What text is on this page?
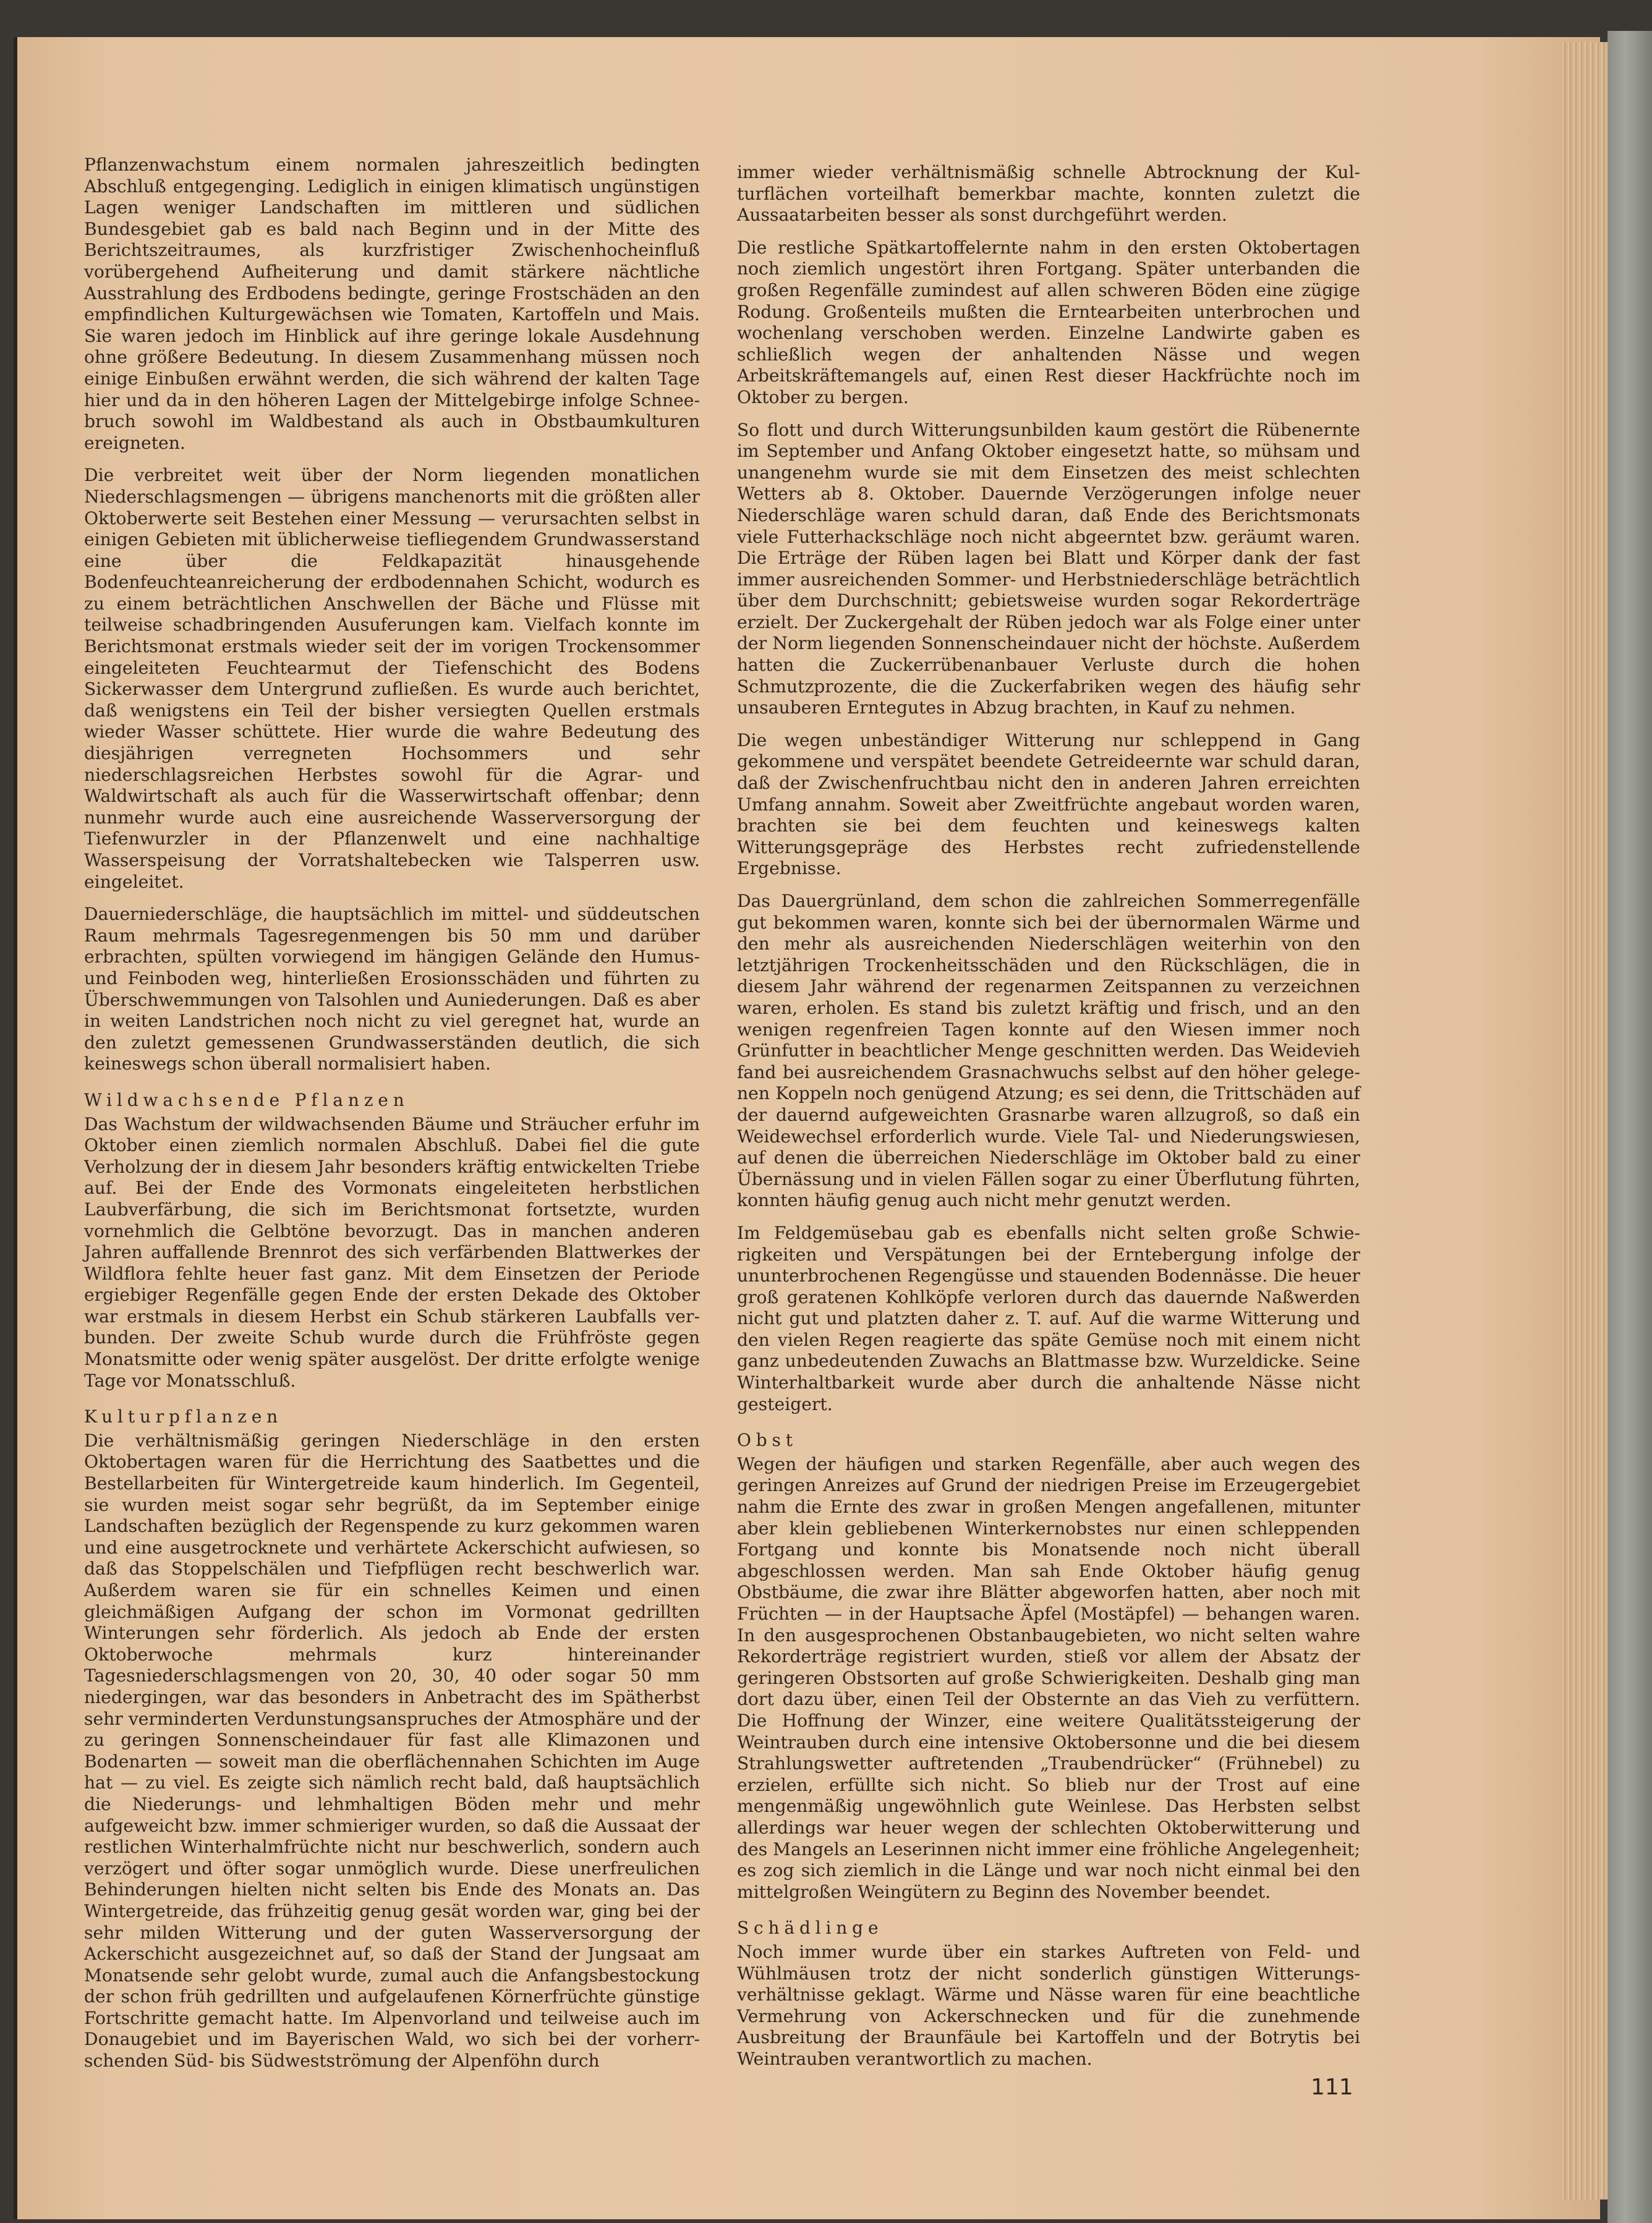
Pflanzenwachstum einem normalen jahreszeitlich bedingten Abschluß entgegenging. Lediglich in einigen klimatisch ungünstigen Lagen weniger Landschaften im mittleren und südlichen Bundesgebiet gab es bald nach Beginn und in der Mitte des Berichtszeitraumes, als kurzfristiger Zwischenhocheinfluß vorübergehend Aufheiterung und damit stärkere nächtliche Ausstrahlung des Erdbodens bedingte, geringe Frostschäden an den empfindlichen Kulturgewächsen wie Tomaten, Kartoffeln und Mais. Sie waren jedoch im Hinblick auf ihre geringe lokale Ausdehnung ohne größere Bedeutung. In diesem Zusammenhang müssen noch einige Einbußen erwähnt werden, die sich während der kalten Tage hier und da in den höheren Lagen der Mittelgebirge infolge Schneebruch sowohl im Waldbestand als auch in Obstbaumkulturen ereigneten.

Die verbreitet weit über der Norm liegenden monatlichen Niederschlagsmengen — übrigens manchenorts mit die größten aller Oktoberwerte seit Bestehen einer Messung — verursachten selbst in einigen Gebieten mit üblicherweise tiefliegendem Grundwasserstand eine über die Feldkapazität hinausgehende Bodenfeuchteanreicherung der erdbodennahen Schicht, wodurch es zu einem beträchtlichen Anschwellen der Bäche und Flüsse mit teilweise schadbringenden Ausuferungen kam. Vielfach konnte im Berichtsmonat erstmals wieder seit der im vorigen Trockensommer eingeleiteten Feuchtearmut der Tiefenschicht des Bodens Sickerwasser dem Untergrund zufließen. Es wurde auch berichtet, daß wenigstens ein Teil der bisher versiegten Quellen erstmals wieder Wasser schüttete. Hier wurde die wahre Bedeutung des diesjährigen verregneten Hochsommers und sehr niederschlagsreichen Herbstes sowohl für die Agrar- und Waldwirtschaft als auch für die Wasserwirtschaft offenbar; denn nunmehr wurde auch eine ausreichende Wasserversorgung der Tiefenwurzler in der Pflanzenwelt und eine nachhaltige Wasserspeisung der Vorratshaltebecken wie Talsperren usw. eingeleitet.

Dauerniederschläge, die hauptsächlich im mittel- und süddeutschen Raum mehrmals Tagesregenmengen bis 50 mm und darüber erbrachten, spülten vorwiegend im hängigen Gelände den Humus- und Feinboden weg, hinterließen Erosionsschäden und führten zu Überschwemmungen von Talsohlen und Auniederungen. Daß es aber in weiten Landstrichen noch nicht zu viel geregnet hat, wurde an den zuletzt gemessenen Grundwasserständen deutlich, die sich keineswegs schon überall normalisiert haben.

Wildwachsende Pflanzen

Das Wachstum der wildwachsenden Bäume und Sträucher erfuhr im Oktober einen ziemlich normalen Abschluß. Dabei fiel die gute Verholzung der in diesem Jahr besonders kräftig entwickelten Triebe auf. Bei der Ende des Vormonats eingeleiteten herbstlichen Laubverfärbung, die sich im Berichtsmonat fortsetzte, wurden vornehmlich die Gelbtöne bevorzugt. Das in manchen anderen Jahren auffallende Brennrot des sich verfärbenden Blattwerkes der Wildflora fehlte heuer fast ganz. Mit dem Einsetzen der Periode ergiebiger Regenfälle gegen Ende der ersten Dekade des Oktober war erstmals in diesem Herbst ein Schub stärkeren Laubfalls verbunden. Der zweite Schub wurde durch die Frühfröste gegen Monatsmitte oder wenig später ausgelöst. Der dritte erfolgte wenige Tage vor Monatsschluß.

Kulturpflanzen

Die verhältnismäßig geringen Niederschläge in den ersten Oktobertagen waren für die Herrichtung des Saatbettes und die Bestellarbeiten für Wintergetreide kaum hinderlich. Im Gegenteil, sie wurden meist sogar sehr begrüßt, da im September einige Landschaften bezüglich der Regenspende zu kurz gekommen waren und eine ausgetrocknete und verhärtete Ackerschicht aufwiesen, so daß das Stoppelschälen und Tiefpflügen recht beschwerlich war. Außerdem waren sie für ein schnelles Keimen und einen gleichmäßigen Aufgang der schon im Vormonat gedrillten Winterungen sehr förderlich. Als jedoch ab Ende der ersten Oktoberwoche mehrmals kurz hintereinander Tagesniederschlagsmengen von 20, 30, 40 oder sogar 50 mm niedergingen, war das besonders in Anbetracht des im Spätherbst sehr verminderten Verdunstungsanspruches der Atmosphäre und der zu geringen Sonnenscheindauer für fast alle Klimazonen und Bodenarten — soweit man die oberflächennahen Schichten im Auge hat — zu viel. Es zeigte sich nämlich recht bald, daß hauptsächlich die Niederungs- und lehmhaltigen Böden mehr und mehr aufgeweicht bzw. immer schmieriger wurden, so daß die Aussaat der restlichen Winterhalmfrüchte nicht nur beschwerlich, sondern auch verzögert und öfter sogar unmöglich wurde. Diese unerfreulichen Behinderungen hielten nicht selten bis Ende des Monats an. Das Wintergetreide, das frühzeitig genug gesät worden war, ging bei der sehr milden Witterung und der guten Wasserversorgung der Ackerschicht ausgezeichnet auf, so daß der Stand der Jungsaat am Monatsende sehr gelobt wurde, zumal auch die Anfangsbestockung der schon früh gedrillten und aufgelaufenen Körnerfrüchte günstige Fortschritte gemacht hatte. Im Alpenvorland und teilweise auch im Donaugebiet und im Bayerischen Wald, wo sich bei der vorherrschenden Süd- bis Südwestströmung der Alpenföhn durch

immer wieder verhältnismäßig schnelle Abtrocknung der Kulturflächen vorteilhaft bemerkbar machte, konnten zuletzt die Aussaatarbeiten besser als sonst durchgeführt werden.

Die restliche Spätkartoffelernte nahm in den ersten Oktobertagen noch ziemlich ungestört ihren Fortgang. Später unterbanden die großen Regenfälle zumindest auf allen schweren Böden eine zügige Rodung. Großenteils mußten die Erntearbeiten unterbrochen und wochenlang verschoben werden. Einzelne Landwirte gaben es schließlich wegen der anhaltenden Nässe und wegen Arbeitskräftemangels auf, einen Rest dieser Hackfrüchte noch im Oktober zu bergen.

So flott und durch Witterungsunbilden kaum gestört die Rübenernte im September und Anfang Oktober eingesetzt hatte, so mühsam und unangenehm wurde sie mit dem Einsetzen des meist schlechten Wetters ab 8. Oktober. Dauernde Verzögerungen infolge neuer Niederschläge waren schuld daran, daß Ende des Berichtsmonats viele Futterhackschläge noch nicht abgeerntet bzw. geräumt waren. Die Erträge der Rüben lagen bei Blatt und Körper dank der fast immer ausreichenden Sommer- und Herbstniederschläge beträchtlich über dem Durchschnitt; gebietsweise wurden sogar Rekorderträge erzielt. Der Zuckergehalt der Rüben jedoch war als Folge einer unter der Norm liegenden Sonnenscheindauer nicht der höchste. Außerdem hatten die Zuckerrübenanbauer Verluste durch die hohen Schmutzprozente, die die Zuckerfabriken wegen des häufig sehr unsauberen Erntegutes in Abzug brachten, in Kauf zu nehmen.

Die wegen unbeständiger Witterung nur schleppend in Gang gekommene und verspätet beendete Getreideernte war schuld daran, daß der Zwischenfruchtbau nicht den in anderen Jahren erreichten Umfang annahm. Soweit aber Zweitfrüchte angebaut worden waren, brachten sie bei dem feuchten und keineswegs kalten Witterungsgepräge des Herbstes recht zufriedenstellende Ergebnisse.

Das Dauergrünland, dem schon die zahlreichen Sommerregenfälle gut bekommen waren, konnte sich bei der übernormalen Wärme und den mehr als ausreichenden Niederschlägen weiterhin von den letztjährigen Trockenheitsschäden und den Rückschlägen, die in diesem Jahr während der regenarmen Zeitspannen zu verzeichnen waren, erholen. Es stand bis zuletzt kräftig und frisch, und an den wenigen regenfreien Tagen konnte auf den Wiesen immer noch Grünfutter in beachtlicher Menge geschnitten werden. Das Weidevieh fand bei ausreichendem Grasnachwuchs selbst auf den höher gelegenen Koppeln noch genügend Atzung; es sei denn, die Trittschäden auf der dauernd aufgeweichten Grasnarbe waren allzugroß, so daß ein Weidewechsel erforderlich wurde. Viele Tal- und Niederungswiesen, auf denen die überreichen Niederschläge im Oktober bald zu einer Übernässung und in vielen Fällen sogar zu einer Überflutung führten, konnten häufig genug auch nicht mehr genutzt werden.

Im Feldgemüsebau gab es ebenfalls nicht selten große Schwierigkeiten und Verspätungen bei der Erntebergung infolge der ununterbrochenen Regengüsse und stauenden Bodennässe. Die heuer groß geratenen Kohlköpfe verloren durch das dauernde Naßwerden nicht gut und platzten daher z. T. auf. Auf die warme Witterung und den vielen Regen reagierte das späte Gemüse noch mit einem nicht ganz unbedeutenden Zuwachs an Blattmasse bzw. Wurzeldicke. Seine Winterhaltbarkeit wurde aber durch die anhaltende Nässe nicht gesteigert.

Obst

Wegen der häufigen und starken Regenfälle, aber auch wegen des geringen Anreizes auf Grund der niedrigen Preise im Erzeugergebiet nahm die Ernte des zwar in großen Mengen angefallenen, mitunter aber klein gebliebenen Winterkernobstes nur einen schleppenden Fortgang und konnte bis Monatsende noch nicht überall abgeschlossen werden. Man sah Ende Oktober häufig genug Obstbäume, die zwar ihre Blätter abgeworfen hatten, aber noch mit Früchten — in der Hauptsache Äpfel (Mostäpfel) — behangen waren. In den ausgesprochenen Obstanbaugebieten, wo nicht selten wahre Rekorderträge registriert wurden, stieß vor allem der Absatz der geringeren Obstsorten auf große Schwierigkeiten. Deshalb ging man dort dazu über, einen Teil der Obsternte an das Vieh zu verfüttern. Die Hoffnung der Winzer, eine weitere Qualitätssteigerung der Weintrauben durch eine intensive Oktobersonne und die bei diesem Strahlungswetter auftretenden „Traubendrücker“ (Frühnebel) zu erzielen, erfüllte sich nicht. So blieb nur der Trost auf eine mengenmäßig ungewöhnlich gute Weinlese. Das Herbsten selbst allerdings war heuer wegen der schlechten Oktoberwitterung und des Mangels an Leserinnen nicht immer eine fröhliche Angelegenheit; es zog sich ziemlich in die Länge und war noch nicht einmal bei den mittelgroßen Weingütern zu Beginn des November beendet.

Schädlinge

Noch immer wurde über ein starkes Auftreten von Feld- und Wühlmäusen trotz der nicht sonderlich günstigen Witterungsverhältnisse geklagt. Wärme und Nässe waren für eine beachtliche Vermehrung von Ackerschnecken und für die zunehmende Ausbreitung der Braunfäule bei Kartoffeln und der Botrytis bei Weintrauben verantwortlich zu machen.

111
